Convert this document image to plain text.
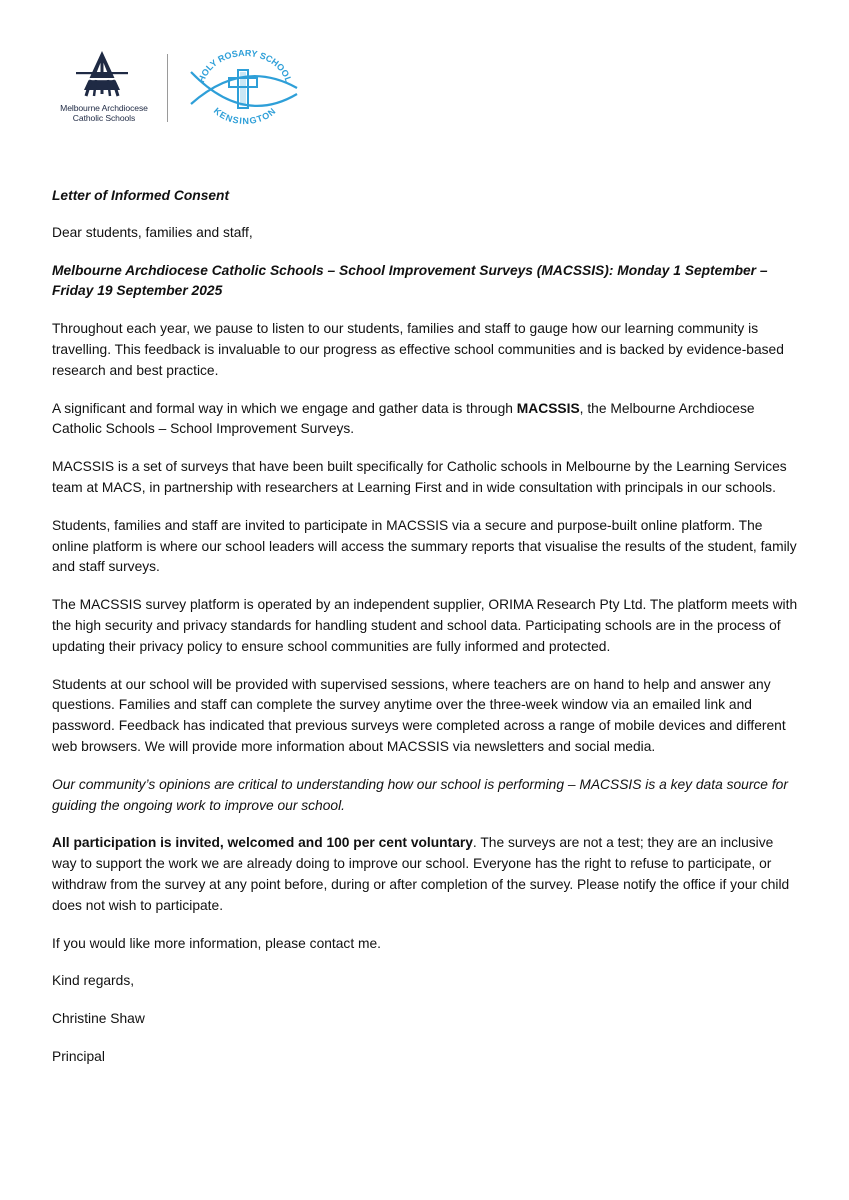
Melbourne Archdiocese
Catholic Schools
HOLY ROSARY SCHOOL
KENSINGTON

Letter of Informed Consent

Dear students, families and staff,

Melbourne Archdiocese Catholic Schools – School Improvement Surveys (MACSSIS): Monday 1 September – Friday 19 September 2025

Throughout each year, we pause to listen to our students, families and staff to gauge how our learning community is travelling. This feedback is invaluable to our progress as effective school communities and is backed by evidence-based research and best practice.

A significant and formal way in which we engage and gather data is through MACSSIS, the Melbourne Archdiocese Catholic Schools – School Improvement Surveys.

MACSSIS is a set of surveys that have been built specifically for Catholic schools in Melbourne by the Learning Services team at MACS, in partnership with researchers at Learning First and in wide consultation with principals in our schools.

Students, families and staff are invited to participate in MACSSIS via a secure and purpose-built online platform. The online platform is where our school leaders will access the summary reports that visualise the results of the student, family and staff surveys.

The MACSSIS survey platform is operated by an independent supplier, ORIMA Research Pty Ltd. The platform meets with the high security and privacy standards for handling student and school data. Participating schools are in the process of updating their privacy policy to ensure school communities are fully informed and protected.

Students at our school will be provided with supervised sessions, where teachers are on hand to help and answer any questions. Families and staff can complete the survey anytime over the three-week window via an emailed link and password. Feedback has indicated that previous surveys were completed across a range of mobile devices and different web browsers. We will provide more information about MACSSIS via newsletters and social media.

Our community’s opinions are critical to understanding how our school is performing – MACSSIS is a key data source for guiding the ongoing work to improve our school.

All participation is invited, welcomed and 100 per cent voluntary. The surveys are not a test; they are an inclusive way to support the work we are already doing to improve our school. Everyone has the right to refuse to participate, or withdraw from the survey at any point before, during or after completion of the survey. Please notify the office if your child does not wish to participate.

If you would like more information, please contact me.

Kind regards,

Christine Shaw

Principal
